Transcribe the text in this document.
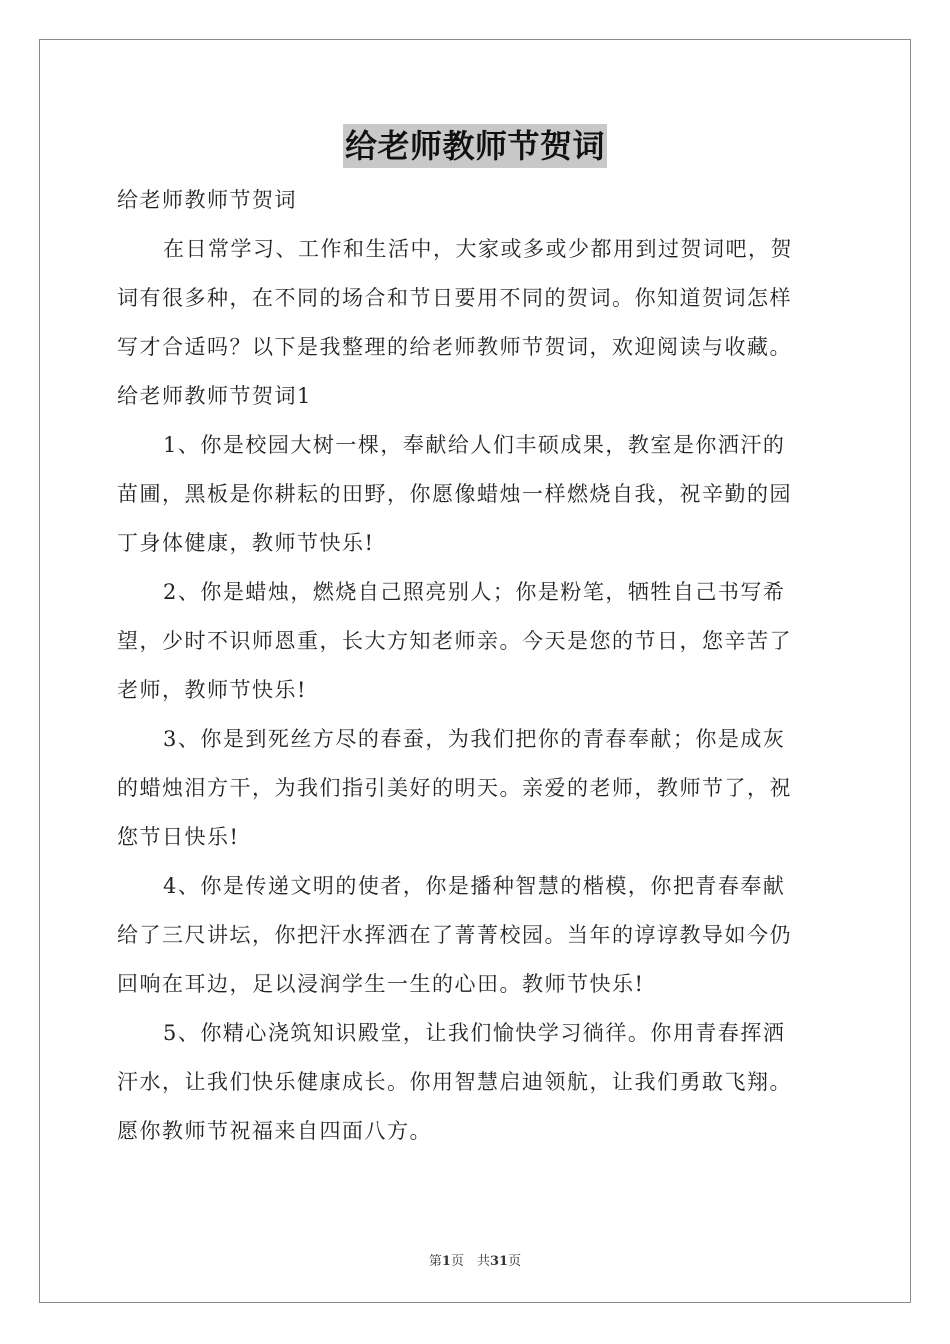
给老师教师节贺词
给老师教师节贺词
在日常学习、工作和生活中，大家或多或少都用到过贺词吧，贺
词有很多种，在不同的场合和节日要用不同的贺词。你知道贺词怎样
写才合适吗？以下是我整理的给老师教师节贺词，欢迎阅读与收藏。
给老师教师节贺词1
1、你是校园大树一棵，奉献给人们丰硕成果，教室是你洒汗的
苗圃，黑板是你耕耘的田野，你愿像蜡烛一样燃烧自我，祝辛勤的园
丁身体健康，教师节快乐!
2、你是蜡烛，燃烧自己照亮别人；你是粉笔，牺牲自己书写希
望，少时不识师恩重，长大方知老师亲。今天是您的节日，您辛苦了
老师，教师节快乐!
3、你是到死丝方尽的春蚕，为我们把你的青春奉献；你是成灰
的蜡烛泪方干，为我们指引美好的明天。亲爱的老师，教师节了，祝
您节日快乐!
4、你是传递文明的使者，你是播种智慧的楷模，你把青春奉献
给了三尺讲坛，你把汗水挥洒在了菁菁校园。当年的谆谆教导如今仍
回响在耳边，足以浸润学生一生的心田。教师节快乐!
5、你精心浇筑知识殿堂，让我们愉快学习徜徉。你用青春挥洒
汗水，让我们快乐健康成长。你用智慧启迪领航，让我们勇敢飞翔。
愿你教师节祝福来自四面八方。
第1页　共31页
